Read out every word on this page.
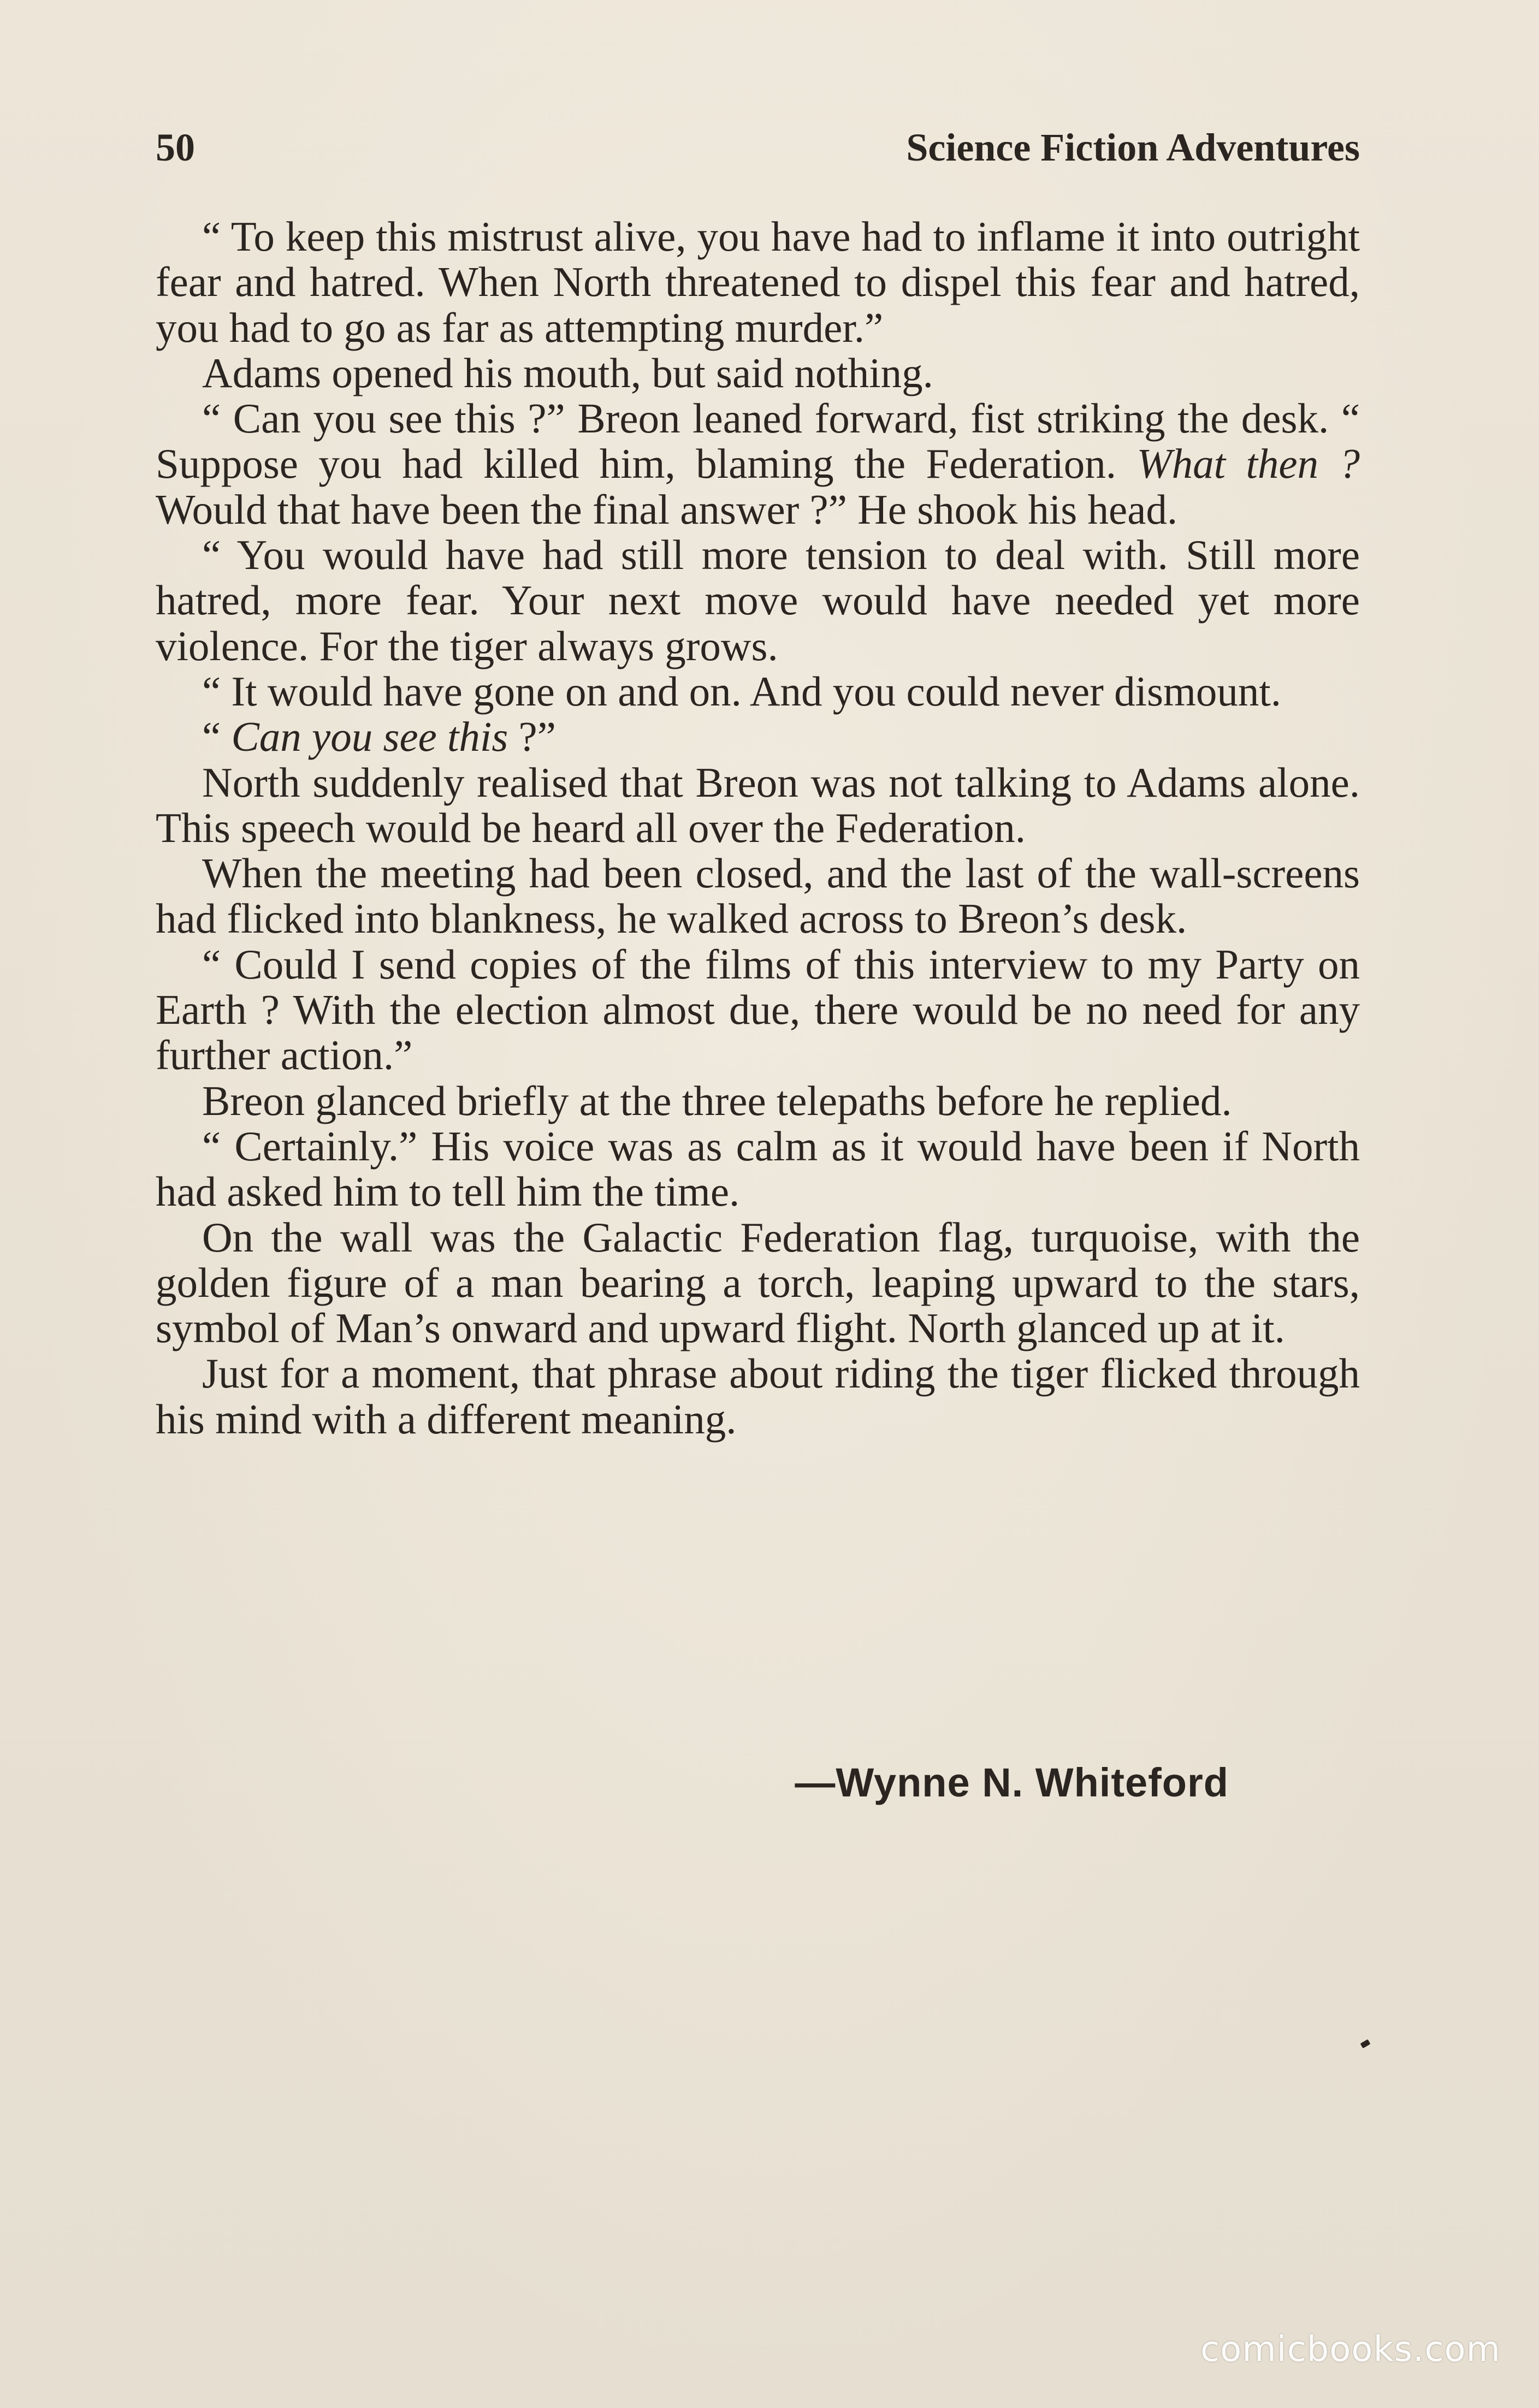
50	Science Fiction Adventures

“ To keep this mistrust alive, you have had to inflame it into outright fear and hatred. When North threatened to dispel this fear and hatred, you had to go as far as attempting murder.”

Adams opened his mouth, but said nothing.

“ Can you see this ?” Breon leaned forward, fist striking the desk. “ Suppose you had killed him, blaming the Federation. What then ? Would that have been the final answer ?” He shook his head.

“ You would have had still more tension to deal with. Still more hatred, more fear. Your next move would have needed yet more violence. For the tiger always grows.

“ It would have gone on and on. And you could never dismount.

“ Can you see this ?”

North suddenly realised that Breon was not talking to Adams alone. This speech would be heard all over the Federation.

When the meeting had been closed, and the last of the wall-screens had flicked into blankness, he walked across to Breon’s desk.

“ Could I send copies of the films of this interview to my Party on Earth ? With the election almost due, there would be no need for any further action.”

Breon glanced briefly at the three telepaths before he replied.

“ Certainly.” His voice was as calm as it would have been if North had asked him to tell him the time.

On the wall was the Galactic Federation flag, turquoise, with the golden figure of a man bearing a torch, leaping upward to the stars, symbol of Man’s onward and upward flight. North glanced up at it.

Just for a moment, that phrase about riding the tiger flicked through his mind with a different meaning.

—Wynne N. Whiteford
comicbooks.com
